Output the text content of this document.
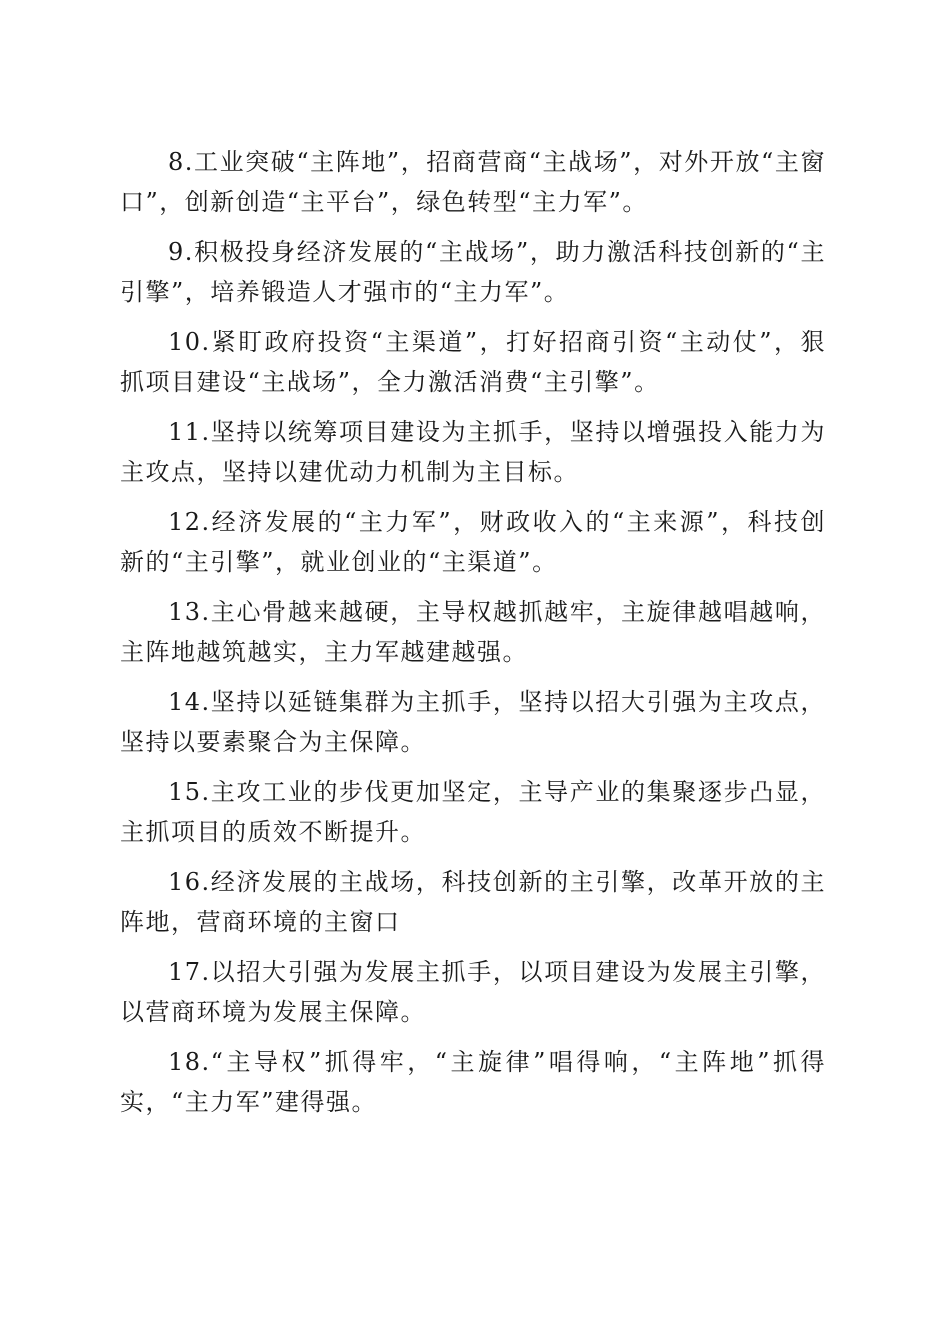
8.工业突破“主阵地”，招商营商“主战场”，对外开放“主窗口”，创新创造“主平台”，绿色转型“主力军”。

9.积极投身经济发展的“主战场”，助力激活科技创新的“主引擎”，培养锻造人才强市的“主力军”。

10.紧盯政府投资“主渠道”，打好招商引资“主动仗”，狠抓项目建设“主战场”，全力激活消费“主引擎”。

11.坚持以统筹项目建设为主抓手，坚持以增强投入能力为主攻点，坚持以建优动力机制为主目标。

12.经济发展的“主力军”，财政收入的“主来源”，科技创新的“主引擎”，就业创业的“主渠道”。

13.主心骨越来越硬，主导权越抓越牢，主旋律越唱越响，主阵地越筑越实，主力军越建越强。

14.坚持以延链集群为主抓手，坚持以招大引强为主攻点，坚持以要素聚合为主保障。

15.主攻工业的步伐更加坚定，主导产业的集聚逐步凸显，主抓项目的质效不断提升。

16.经济发展的主战场，科技创新的主引擎，改革开放的主阵地，营商环境的主窗口

17.以招大引强为发展主抓手，以项目建设为发展主引擎，以营商环境为发展主保障。

18.“主导权”抓得牢，“主旋律”唱得响，“主阵地”抓得实，“主力军”建得强。
